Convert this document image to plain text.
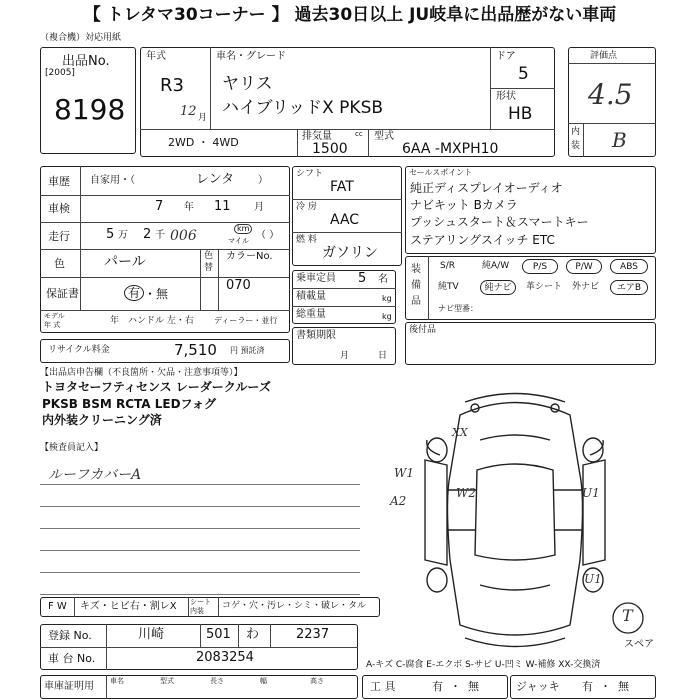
【 トレタマ30コーナー 】 過去30日以上 JU岐阜に出品歴がない車両
（複合機）対応用紙
出品No.
[2005]
8198
年式
R3
12 月
車名・グレード
ヤリス
ハイブリッドX PKSB
ドア
5
形状
HB
2WD ・ 4WD	排気量	cc
1500
型式
6AA -MXPH10
評価点
4.5
内
装 B
車歴 自家用・（	レンタ ）
車検	7 年 11 月
走行	5 万 2 千 006	km
マイル （ ）
色	パール	色
替
カラーNo.
070
保証書	有 ・ 無
モデル
年 式	年 ハンドル 左・右	ディーラー・並行
リサイクル料金	7,510 円 預託済
シフト
FAT
冷 房
AAC
燃 料
ガソリン
乗車定員 5 名
積載量	kg
総重量	kg
書類期限
月	日
セールスポイント
純正ディスプレイオーディオ
ナビキット Bカメラ
プッシュスタート＆スマートキー
ステアリングスイッチ ETC
装
備
品
S/R	純A/W	P/S	P/W	ABS
純TV	純ナビ	革シート 外ナビ	エアB
ナビ型番：
後付品
【出品店申告欄（不良箇所・欠品・注意事項等）】
トヨタセーフティセンス レーダークルーズ
PKSB BSM RCTA LEDフォグ
内外装クリーニング済
【検査員記入】
ルーフカバーA
XX
W1
A2
W2	U1
U1
T
スペア
F W キズ・ヒビ右・割レX シート
内装 コゲ・穴・汚レ・シミ・破レ・タル
登録 No.	川崎	501 わ	2237
車 台 No.	2083254	A-キズ C-腐食 E-エクボ S-サビ U-凹ミ W-補修 XX-交換済
車庫証明用 車名	型式	長さ	幅	高さ	工 具	有 ・ 無	ジャッキ 有 ・ 無
